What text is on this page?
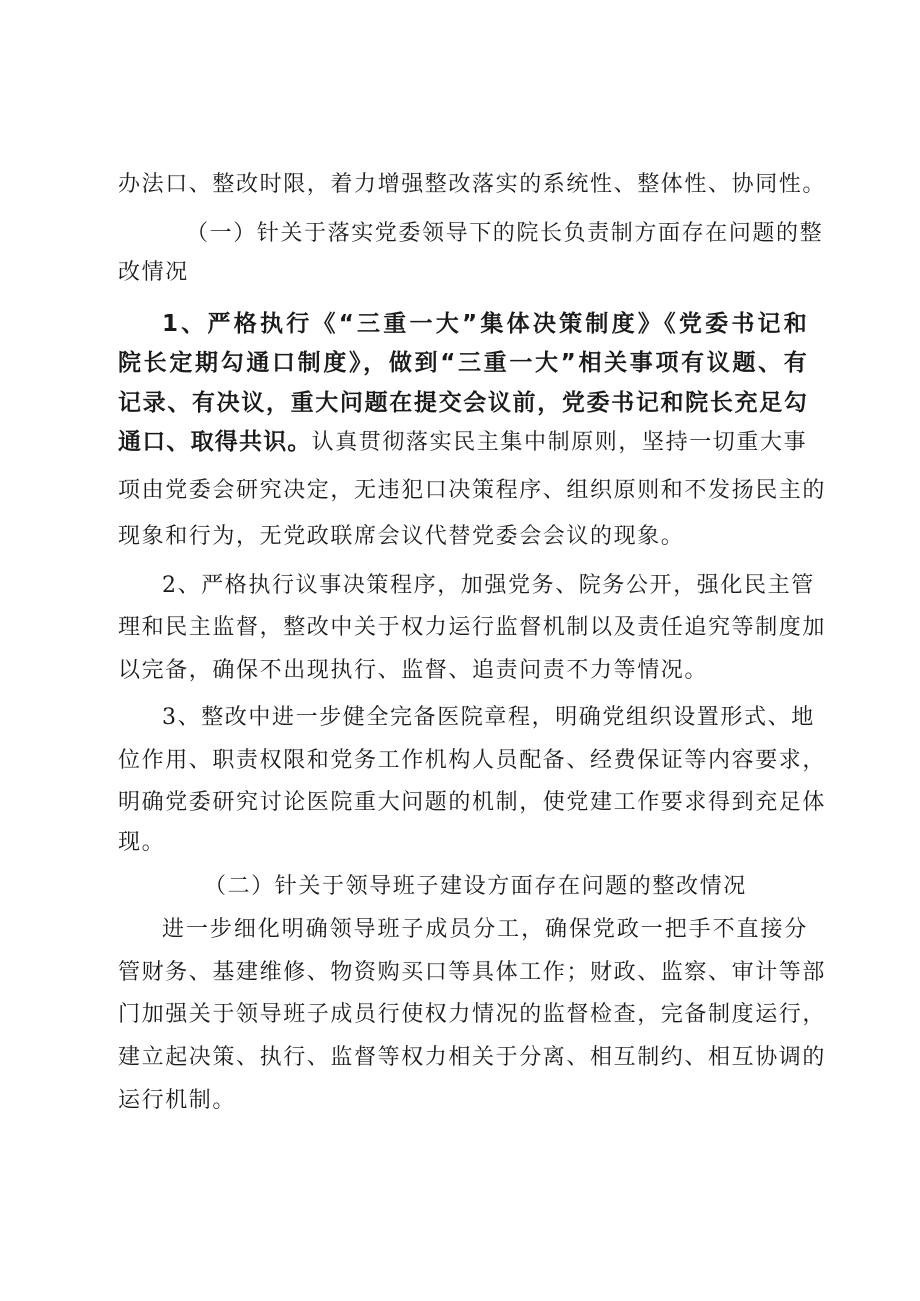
办法口、整改时限，着力增强整改落实的系统性、整体性、协同性。
（一）针关于落实党委领导下的院长负责制方面存在问题的整
改情况
1、严格执行《“三重一大”集体决策制度》《党委书记和
院长定期勾通口制度》，做到“三重一大”相关事项有议题、有
记录、有决议，重大问题在提交会议前，党委书记和院长充足勾
通口、取得共识。认真贯彻落实民主集中制原则，坚持一切重大事
项由党委会研究决定，无违犯口决策程序、组织原则和不发扬民主的
现象和行为，无党政联席会议代替党委会会议的现象。
2、严格执行议事决策程序，加强党务、院务公开，强化民主管
理和民主监督，整改中关于权力运行监督机制以及责任追究等制度加
以完备，确保不出现执行、监督、追责问责不力等情况。
3、整改中进一步健全完备医院章程，明确党组织设置形式、地
位作用、职责权限和党务工作机构人员配备、经费保证等内容要求，
明确党委研究讨论医院重大问题的机制，使党建工作要求得到充足体
现。
（二）针关于领导班子建设方面存在问题的整改情况
进一步细化明确领导班子成员分工，确保党政一把手不直接分
管财务、基建维修、物资购买口等具体工作；财政、监察、审计等部
门加强关于领导班子成员行使权力情况的监督检查，完备制度运行，
建立起决策、执行、监督等权力相关于分离、相互制约、相互协调的
运行机制。
